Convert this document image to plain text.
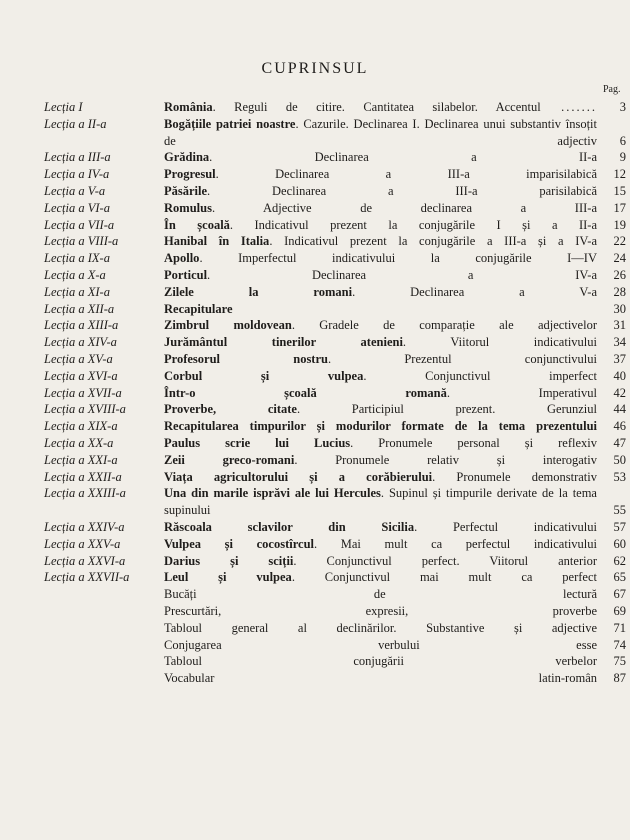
CUPRINSUL
Pag.
Lecția I	România. Reguli de citire. Cantitatea silabelor. Accentul ....... 3
Lecția a II-a	Bogățiile patriei noastre. Cazurile. Declinarea I. Declinarea unui substantiv însoțit de adjectiv 6
Lecția a III-a	Grădina. Declinarea a II-a 9
Lecția a IV-a	Progresul. Declinarea a III-a imparisilabică 12
Lecția a V-a	Păsările. Declinarea a III-a parisilabică 15
Lecția a VI-a	Romulus. Adjective de declinarea a III-a 17
Lecția a VII-a	În școală. Indicativul prezent la conjugările I și a II-a 19
Lecția a VIII-a	Hanibal în Italia. Indicativul prezent la conjugările a III-a și a IV-a 22
Lecția a IX-a	Apollo. Imperfectul indicativului la conjugările I—IV 24
Lecția a X-a	Porticul. Declinarea a IV-a 26
Lecția a XI-a	Zilele la romani. Declinarea a V-a 28
Lecția a XII-a	Recapitulare	30
Lecția a XIII-a	Zimbrul moldovean. Gradele de comparație ale adjectivelor 31
Lecția a XIV-a	Jurământul tinerilor atenieni. Viitorul indicativului 34
Lecția a XV-a	Profesorul nostru. Prezentul conjunctivului 37
Lecția a XVI-a	Corbul și vulpea. Conjunctivul imperfect 40
Lecția a XVII-a	Într-o școală romană. Imperativul 42
Lecția a XVIII-a	Proverbe, citate. Participiul prezent. Gerunziul 44
Lecția a XIX-a	Recapitularea timpurilor și modurilor formate de la tema prezentului 46
Lecția a XX-a	Paulus scrie lui Lucius. Pronumele personal și reflexiv 47
Lecția a XXI-a	Zeii greco-romani. Pronumele relativ și interogativ 50
Lecția a XXII-a	Viața agricultorului și a corăbierului. Pronumele demonstrativ 53
Lecția a XXIII-a	Una din marile isprăvi ale lui Hercules. Supinul și timpurile derivate de la tema supinului	55
Lecția a XXIV-a	Răscoala sclavilor din Sicilia. Perfectul indicativului 57
Lecția a XXV-a	Vulpea și cocostîrcul. Mai mult ca perfectul indicativului 60
Lecția a XXVI-a	Darius și sciții. Conjunctivul perfect. Viitorul anterior 62
Lecția a XXVII-a	Leul și vulpea. Conjunctivul mai mult ca perfect 65
Bucăți de lectură 67
Prescurtări, expresii, proverbe 69
Tabloul general al declinărilor. Substantive și adjective 71
Conjugarea verbului esse 74
Tabloul conjugării verbelor 75
Vocabular latin-român 87
